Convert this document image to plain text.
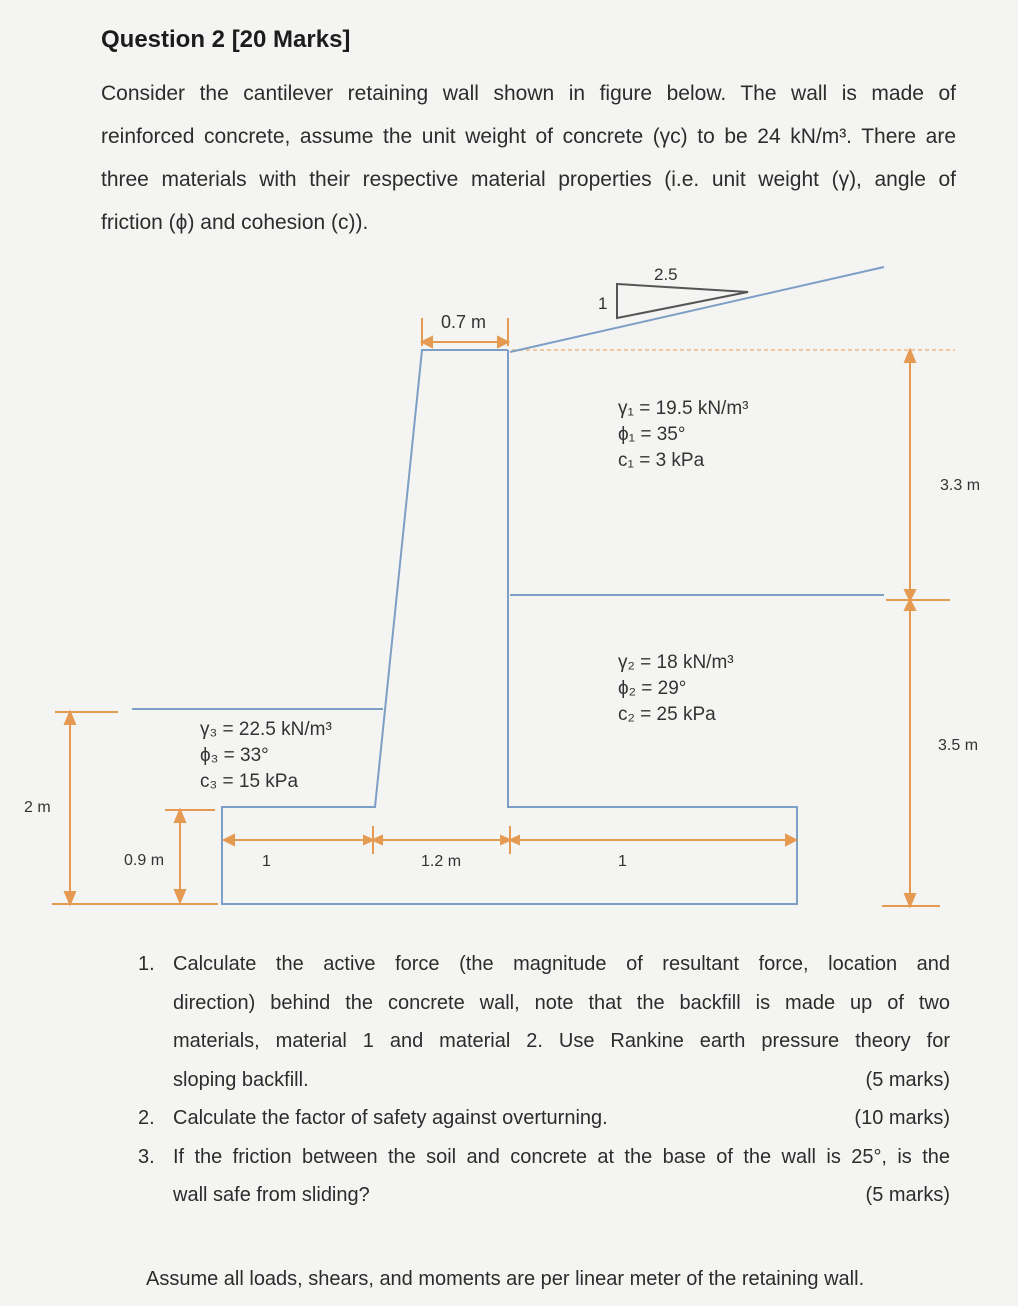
Question 2 [20 Marks]

Consider the cantilever retaining wall shown in figure below. The wall is made of

reinforced concrete, assume the unit weight of concrete (γc) to be 24 kN/m³. There are

three materials with their respective material properties (i.e. unit weight (γ), angle of

friction (ϕ) and cohesion (c)).

2.5
1
0.7 m
γ₁ = 19.5 kN/m³
ϕ₁ = 35°
c₁ = 3 kPa
γ₂ = 18 kN/m³
ϕ₂ = 29°
c₂ = 25 kPa
γ₃ = 22.5 kN/m³
ϕ₃ = 33°
c₃ = 15 kPa
3.3 m
3.5 m
2 m
0.9 m	1	1.2 m	1
1. Calculate the active force (the magnitude of resultant force, location and
direction) behind the concrete wall, note that the backfill is made up of two
materials, material 1 and material 2. Use Rankine earth pressure theory for
sloping backfill.	(5 marks)
2. Calculate the factor of safety against overturning.	(10 marks)
3. If the friction between the soil and concrete at the base of the wall is 25°, is the
wall safe from sliding?	(5 marks)
Assume all loads, shears, and moments are per linear meter of the retaining wall.
